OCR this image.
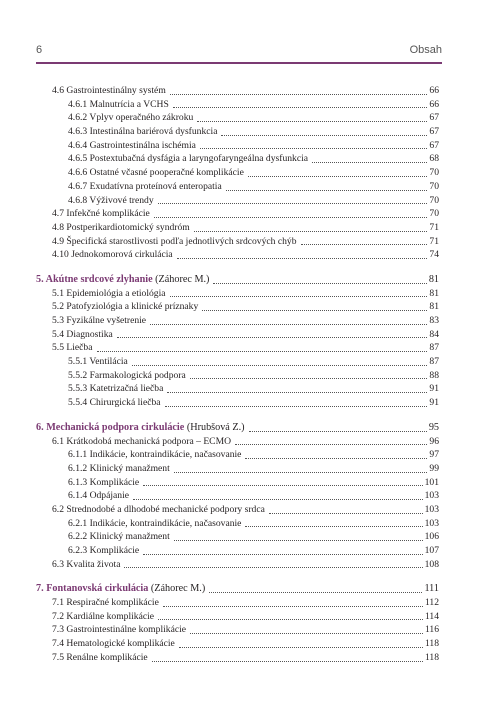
6	Obsah
4.6 Gastrointestinálny systém	66
4.6.1 Malnutrícia a VCHS	66
4.6.2 Vplyv operačného zákroku	67
4.6.3 Intestinálna bariérová dysfunkcia	67
4.6.4 Gastrointestinálna ischémia	67
4.6.5 Postextubačná dysfágia a laryngofaryngeálna dysfunkcia	68
4.6.6 Ostatné včasné pooperačné komplikácie	70
4.6.7 Exudatívna proteínová enteropatia	70
4.6.8 Výživové trendy	70
4.7 Infekčné komplikácie	70
4.8 Postperikardiotomický syndróm	71
4.9 Špecifická starostlivosti podľa jednotlivých srdcových chýb	71
4.10 Jednokomorová cirkulácia	74
5. Akútne srdcové zlyhanie (Záhorec M.)	81
5.1 Epidemiológia a etiológia	81
5.2 Patofyziológia a klinické príznaky	81
5.3 Fyzikálne vyšetrenie	83
5.4 Diagnostika	84
5.5 Liečba	87
5.5.1 Ventilácia	87
5.5.2 Farmakologická podpora	88
5.5.3 Katetrizačná liečba	91
5.5.4 Chirurgická liečba	91
6. Mechanická podpora cirkulácie (Hrubšová Z.)	95
6.1 Krátkodobá mechanická podpora – ECMO	96
6.1.1 Indikácie, kontraindikácie, načasovanie	97
6.1.2 Klinický manažment	99
6.1.3 Komplikácie	101
6.1.4 Odpájanie	103
6.2 Strednodobé a dlhodobé mechanické podpory srdca	103
6.2.1 Indikácie, kontraindikácie, načasovanie	103
6.2.2 Klinický manažment	106
6.2.3 Komplikácie	107
6.3 Kvalita života	108
7. Fontanovská cirkulácia (Záhorec M.)	111
7.1 Respiračné komplikácie	112
7.2 Kardiálne komplikácie	114
7.3 Gastrointestinálne komplikácie	116
7.4 Hematologické komplikácie	118
7.5 Renálne komplikácie	118
